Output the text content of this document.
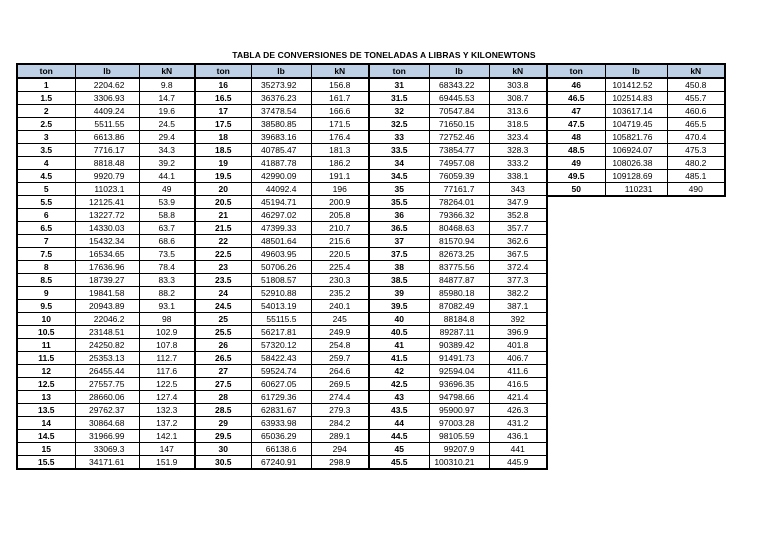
TABLA DE CONVERSIONES DE TONELADAS A LIBRAS Y KILONEWTONS
ton	lb	kN
1	2204.62	9.8
1.5	3306.93	14.7
2	4409.24	19.6
2.5	5511.55	24.5
3	6613.86	29.4
3.5	7716.17	34.3
4	8818.48	39.2
4.5	9920.79	44.1
5	11023.1	49
5.5	12125.41	53.9
6	13227.72	58.8
6.5	14330.03	63.7
7	15432.34	68.6
7.5	16534.65	73.5
8	17636.96	78.4
8.5	18739.27	83.3
9	19841.58	88.2
9.5	20943.89	93.1
10	22046.2	98
10.5	23148.51	102.9
11	24250.82	107.8
11.5	25353.13	112.7
12	26455.44	117.6
12.5	27557.75	122.5
13	28660.06	127.4
13.5	29762.37	132.3
14	30864.68	137.2
14.5	31966.99	142.1
15	33069.3	147
15.5	34171.61	151.9
ton	lb	kN
16	35273.92	156.8
16.5	36376.23	161.7
17	37478.54	166.6
17.5	38580.85	171.5
18	39683.16	176.4
18.5	40785.47	181.3
19	41887.78	186.2
19.5	42990.09	191.1
20	44092.4	196
20.5	45194.71	200.9
21	46297.02	205.8
21.5	47399.33	210.7
22	48501.64	215.6
22.5	49603.95	220.5
23	50706.26	225.4
23.5	51808.57	230.3
24	52910.88	235.2
24.5	54013.19	240.1
25	55115.5	245
25.5	56217.81	249.9
26	57320.12	254.8
26.5	58422.43	259.7
27	59524.74	264.6
27.5	60627.05	269.5
28	61729.36	274.4
28.5	62831.67	279.3
29	63933.98	284.2
29.5	65036.29	289.1
30	66138.6	294
30.5	67240.91	298.9
ton	lb	kN
31	68343.22	303.8
31.5	69445.53	308.7
32	70547.84	313.6
32.5	71650.15	318.5
33	72752.46	323.4
33.5	73854.77	328.3
34	74957.08	333.2
34.5	76059.39	338.1
35	77161.7	343
35.5	78264.01	347.9
36	79366.32	352.8
36.5	80468.63	357.7
37	81570.94	362.6
37.5	82673.25	367.5
38	83775.56	372.4
38.5	84877.87	377.3
39	85980.18	382.2
39.5	87082.49	387.1
40	88184.8	392
40.5	89287.11	396.9
41	90389.42	401.8
41.5	91491.73	406.7
42	92594.04	411.6
42.5	93696.35	416.5
43	94798.66	421.4
43.5	95900.97	426.3
44	97003.28	431.2
44.5	98105.59	436.1
45	99207.9	441
45.5	100310.21	445.9
ton	lb	kN
46	101412.52	450.8
46.5	102514.83	455.7
47	103617.14	460.6
47.5	104719.45	465.5
48	105821.76	470.4
48.5	106924.07	475.3
49	108026.38	480.2
49.5	109128.69	485.1
50	110231	490
